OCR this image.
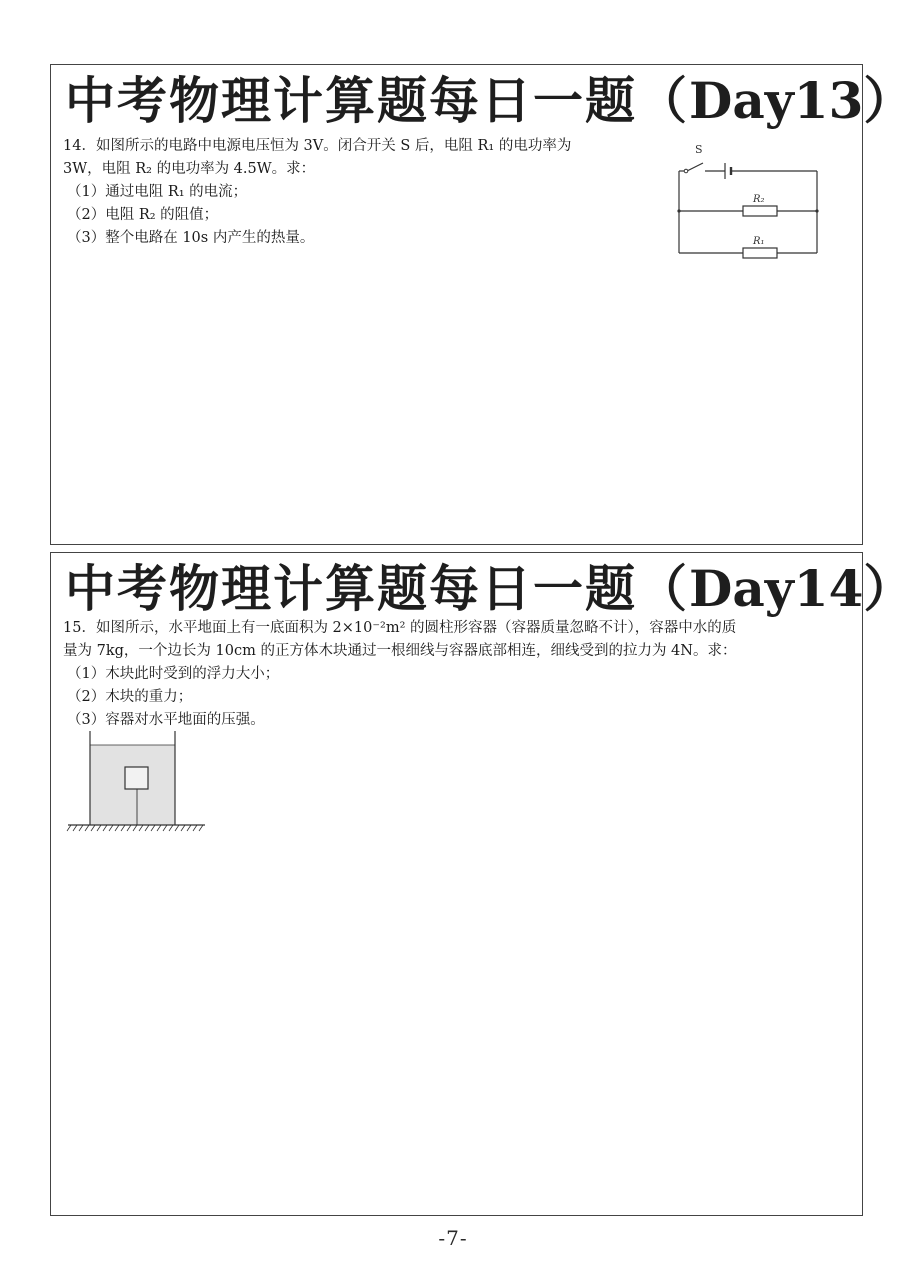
中考物理计算题每日一题（Day13）

14．如图所示的电路中电源电压恒为 3V。闭合开关 S 后，电阻 R₁ 的电功率为

3W，电阻 R₂ 的电功率为 4.5W。求：

（1）通过电阻 R₁ 的电流；

（2）电阻 R₂ 的阻值；

（3）整个电路在 10s 内产生的热量。

S
R₂
R₁
中考物理计算题每日一题（Day14）

15．如图所示，水平地面上有一底面积为 2×10⁻²m² 的圆柱形容器（容器质量忽略不计），容器中水的质

量为 7kg，一个边长为 10cm 的正方体木块通过一根细线与容器底部相连，细线受到的拉力为 4N。求：

（1）木块此时受到的浮力大小；

（2）木块的重力；

（3）容器对水平地面的压强。

-7-
